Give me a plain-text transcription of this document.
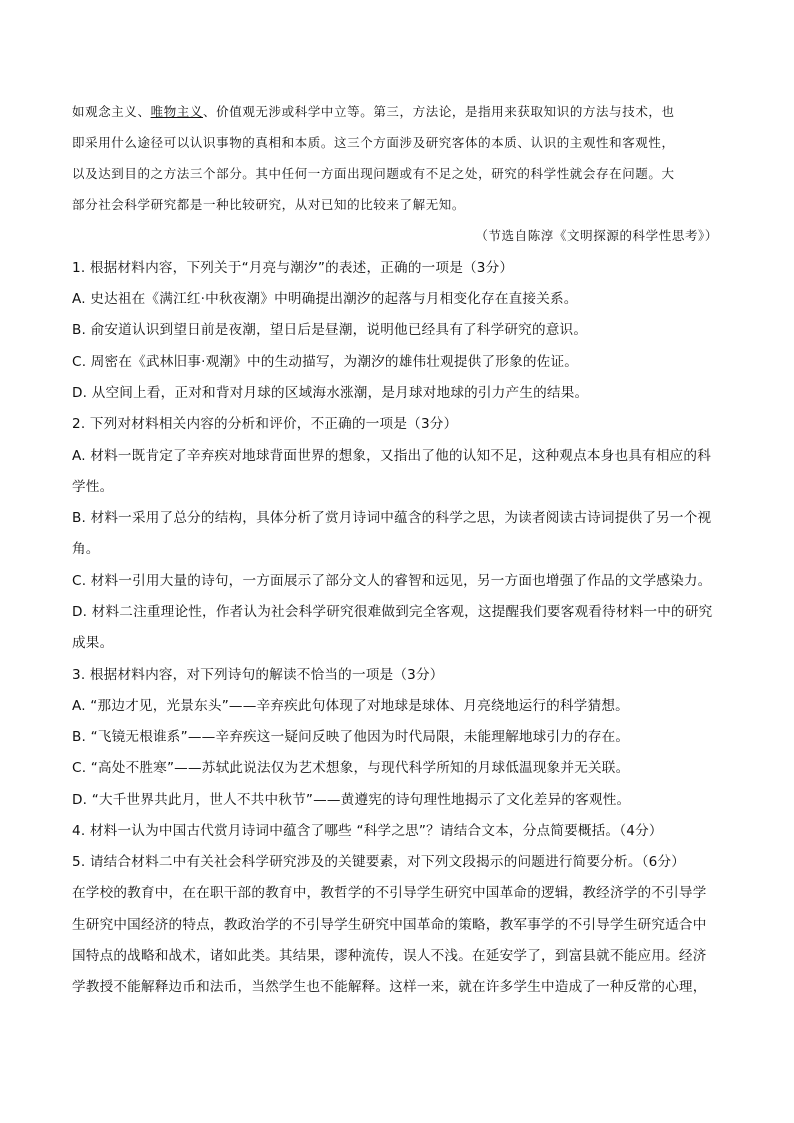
如观念主义、唯物主义、价值观无涉或科学中立等。第三，方法论，是指用来获取知识的方法与技术，也
即采用什么途径可以认识事物的真相和本质。这三个方面涉及研究客体的本质、认识的主观性和客观性，
以及达到目的之方法三个部分。其中任何一方面出现问题或有不足之处，研究的科学性就会存在问题。大
部分社会科学研究都是一种比较研究，从对已知的比较来了解无知。
（节选自陈淳《文明探源的科学性思考》）
1. 根据材料内容，下列关于“月亮与潮汐”的表述，正确的一项是（3分）
A. 史达祖在《满江红·中秋夜潮》中明确提出潮汐的起落与月相变化存在直接关系。
B. 俞安道认识到望日前是夜潮，望日后是昼潮，说明他已经具有了科学研究的意识。
C. 周密在《武林旧事·观潮》中的生动描写，为潮汐的雄伟壮观提供了形象的佐证。
D. 从空间上看，正对和背对月球的区域海水涨潮，是月球对地球的引力产生的结果。
2. 下列对材料相关内容的分析和评价，不正确的一项是（3分）
A. 材料一既肯定了辛弃疾对地球背面世界的想象，又指出了他的认知不足，这种观点本身也具有相应的科
学性。
B. 材料一采用了总分的结构，具体分析了赏月诗词中蕴含的科学之思，为读者阅读古诗词提供了另一个视
角。
C. 材料一引用大量的诗句，一方面展示了部分文人的睿智和远见，另一方面也增强了作品的文学感染力。
D. 材料二注重理论性，作者认为社会科学研究很难做到完全客观，这提醒我们要客观看待材料一中的研究
成果。
3. 根据材料内容，对下列诗句的解读不恰当的一项是（3分）
A. “那边才见，光景东头”——辛弃疾此句体现了对地球是球体、月亮绕地运行的科学猜想。
B. “飞镜无根谁系”——辛弃疾这一疑问反映了他因为时代局限，未能理解地球引力的存在。
C. “高处不胜寒”——苏轼此说法仅为艺术想象，与现代科学所知的月球低温现象并无关联。
D. “大千世界共此月，世人不共中秋节”——黄遵宪的诗句理性地揭示了文化差异的客观性。
4. 材料一认为中国古代赏月诗词中蕴含了哪些 “科学之思”？请结合文本，分点简要概括。（4分）
5. 请结合材料二中有关社会科学研究涉及的关键要素，对下列文段揭示的问题进行简要分析。（6分）
在学校的教育中，在在职干部的教育中，教哲学的不引导学生研究中国革命的逻辑，教经济学的不引导学
生研究中国经济的特点，教政治学的不引导学生研究中国革命的策略，教军事学的不引导学生研究适合中
国特点的战略和战术，诸如此类。其结果，谬种流传，误人不浅。在延安学了，到富县就不能应用。经济
学教授不能解释边币和法币，当然学生也不能解释。这样一来，就在许多学生中造成了一种反常的心理，
